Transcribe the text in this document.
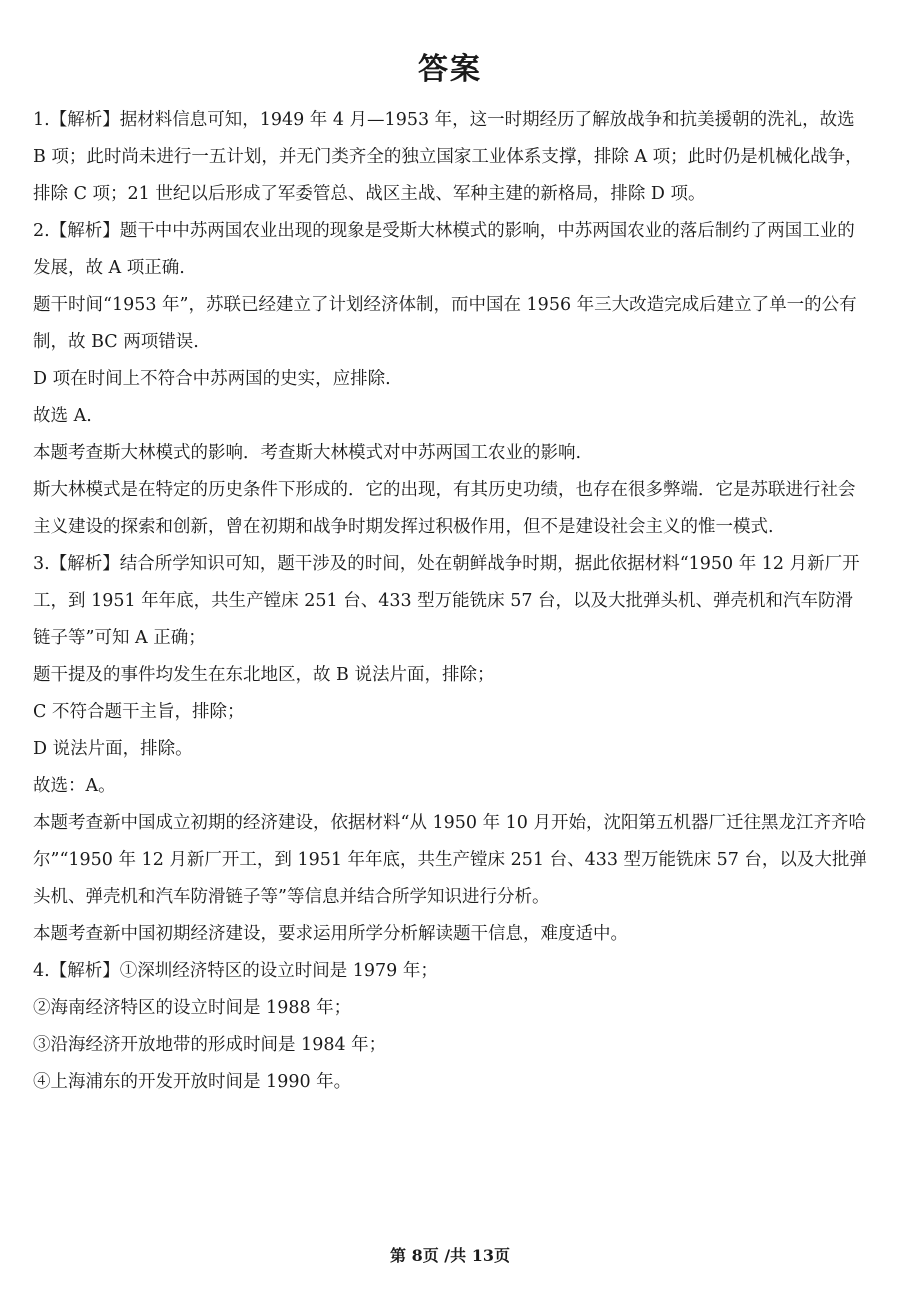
答案

1.【解析】据材料信息可知，1949 年 4 月—1953 年，这一时期经历了解放战争和抗美援朝的洗礼，故选 B 项；此时尚未进行一五计划，并无门类齐全的独立国家工业体系支撑，排除 A 项；此时仍是机械化战争，排除 C 项；21 世纪以后形成了军委管总、战区主战、军种主建的新格局，排除 D 项。

2.【解析】题干中中苏两国农业出现的现象是受斯大林模式的影响，中苏两国农业的落后制约了两国工业的发展，故 A 项正确.

题干时间“1953 年”，苏联已经建立了计划经济体制，而中国在 1956 年三大改造完成后建立了单一的公有制，故 BC 两项错误.

D 项在时间上不符合中苏两国的史实，应排除.

故选 A.

本题考查斯大林模式的影响．考查斯大林模式对中苏两国工农业的影响.

斯大林模式是在特定的历史条件下形成的．它的出现，有其历史功绩，也存在很多弊端．它是苏联进行社会主义建设的探索和创新，曾在初期和战争时期发挥过积极作用，但不是建设社会主义的惟一模式.

3.【解析】结合所学知识可知，题干涉及的时间，处在朝鲜战争时期，据此依据材料“1950 年 12 月新厂开工，到 1951 年年底，共生产镗床 251 台、433 型万能铣床 57 台，以及大批弹头机、弹壳机和汽车防滑链子等”可知 A 正确；

题干提及的事件均发生在东北地区，故 B 说法片面，排除；

C 不符合题干主旨，排除；

D 说法片面，排除。

故选：A。

本题考查新中国成立初期的经济建设，依据材料“从 1950 年 10 月开始，沈阳第五机器厂迁往黑龙江齐齐哈尔”“1950 年 12 月新厂开工，到 1951 年年底，共生产镗床 251 台、433 型万能铣床 57 台，以及大批弹头机、弹壳机和汽车防滑链子等”等信息并结合所学知识进行分析。

本题考查新中国初期经济建设，要求运用所学分析解读题干信息，难度适中。

4.【解析】①深圳经济特区的设立时间是 1979 年；

②海南经济特区的设立时间是 1988 年；

③沿海经济开放地带的形成时间是 1984 年；

④上海浦东的开发开放时间是 1990 年。

第 8页 /共 13页
